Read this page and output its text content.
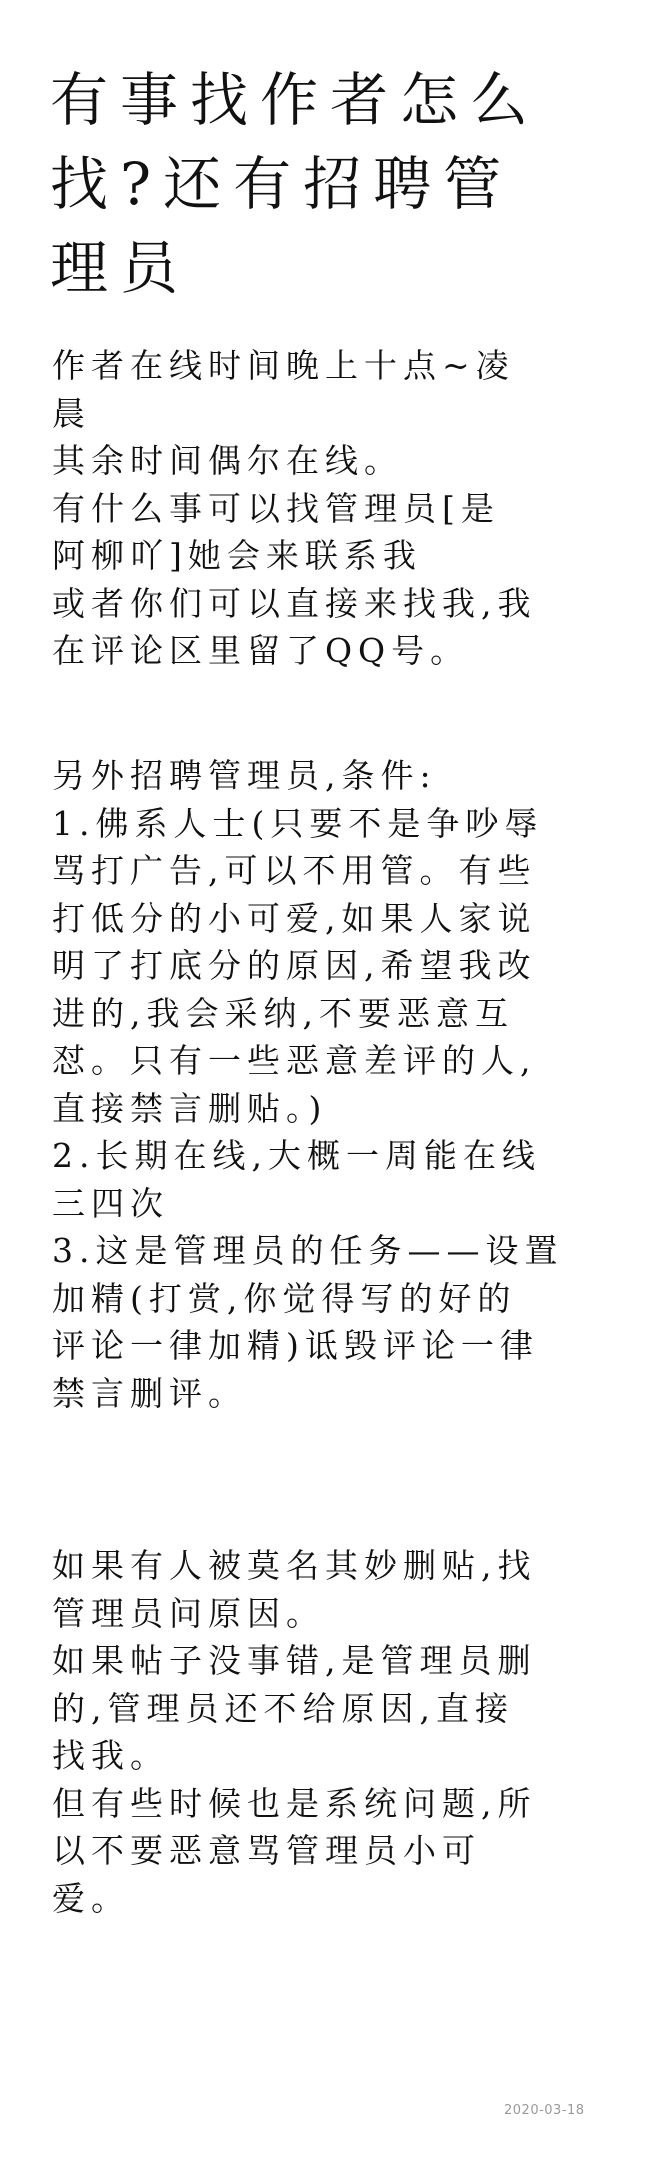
有事找作者怎么
找?还有招聘管
理员
作者在线时间晚上十点~凌
晨
其余时间偶尔在线。
有什么事可以找管理员[是
阿柳吖]她会来联系我
或者你们可以直接来找我,我
在评论区里留了QQ号。
另外招聘管理员,条件:
1.佛系人士(只要不是争吵辱
骂打广告,可以不用管。有些
打低分的小可爱,如果人家说
明了打底分的原因,希望我改
进的,我会采纳,不要恶意互
怼。只有一些恶意差评的人,
直接禁言删贴。)
2.长期在线,大概一周能在线
三四次
3.这是管理员的任务——设置
加精(打赏,你觉得写的好的
评论一律加精)诋毁评论一律
禁言删评。
如果有人被莫名其妙删贴,找
管理员问原因。
如果帖子没事错,是管理员删
的,管理员还不给原因,直接
找我。
但有些时候也是系统问题,所
以不要恶意骂管理员小可
爱。
2020-03-18
